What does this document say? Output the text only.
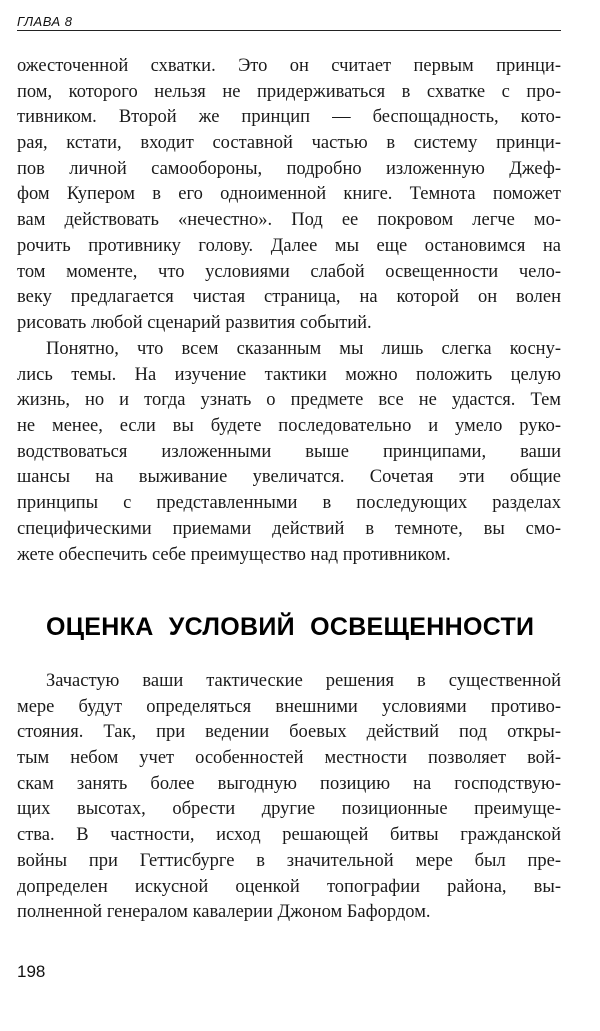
ГЛАВА 8
ожесточенной схватки. Это он считает первым принци-
пом, которого нельзя не придерживаться в схватке с про-
тивником. Второй же принцип — беспощадность, кото-
рая, кстати, входит составной частью в систему принци-
пов личной самообороны, подробно изложенную Джеф-
фом Купером в его одноименной книге. Темнота поможет
вам действовать «нечестно». Под ее покровом легче мо-
рочить противнику голову. Далее мы еще остановимся на
том моменте, что условиями слабой освещенности чело-
веку предлагается чистая страница, на которой он волен
рисовать любой сценарий развития событий.
Понятно, что всем сказанным мы лишь слегка косну-
лись темы. На изучение тактики можно положить целую
жизнь, но и тогда узнать о предмете все не удастся. Тем
не менее, если вы будете последовательно и умело руко-
водствоваться изложенными выше принципами, ваши
шансы на выживание увеличатся. Сочетая эти общие
принципы с представленными в последующих разделах
специфическими приемами действий в темноте, вы смо-
жете обеспечить себе преимущество над противником.
ОЦЕНКА УСЛОВИЙ ОСВЕЩЕННОСТИ
Зачастую ваши тактические решения в существенной
мере будут определяться внешними условиями противо-
стояния. Так, при ведении боевых действий под откры-
тым небом учет особенностей местности позволяет вой-
скам занять более выгодную позицию на господствую-
щих высотах, обрести другие позиционные преимуще-
ства. В частности, исход решающей битвы гражданской
войны при Геттисбурге в значительной мере был пре-
допределен искусной оценкой топографии района, вы-
полненной генералом кавалерии Джоном Бафордом.
198
